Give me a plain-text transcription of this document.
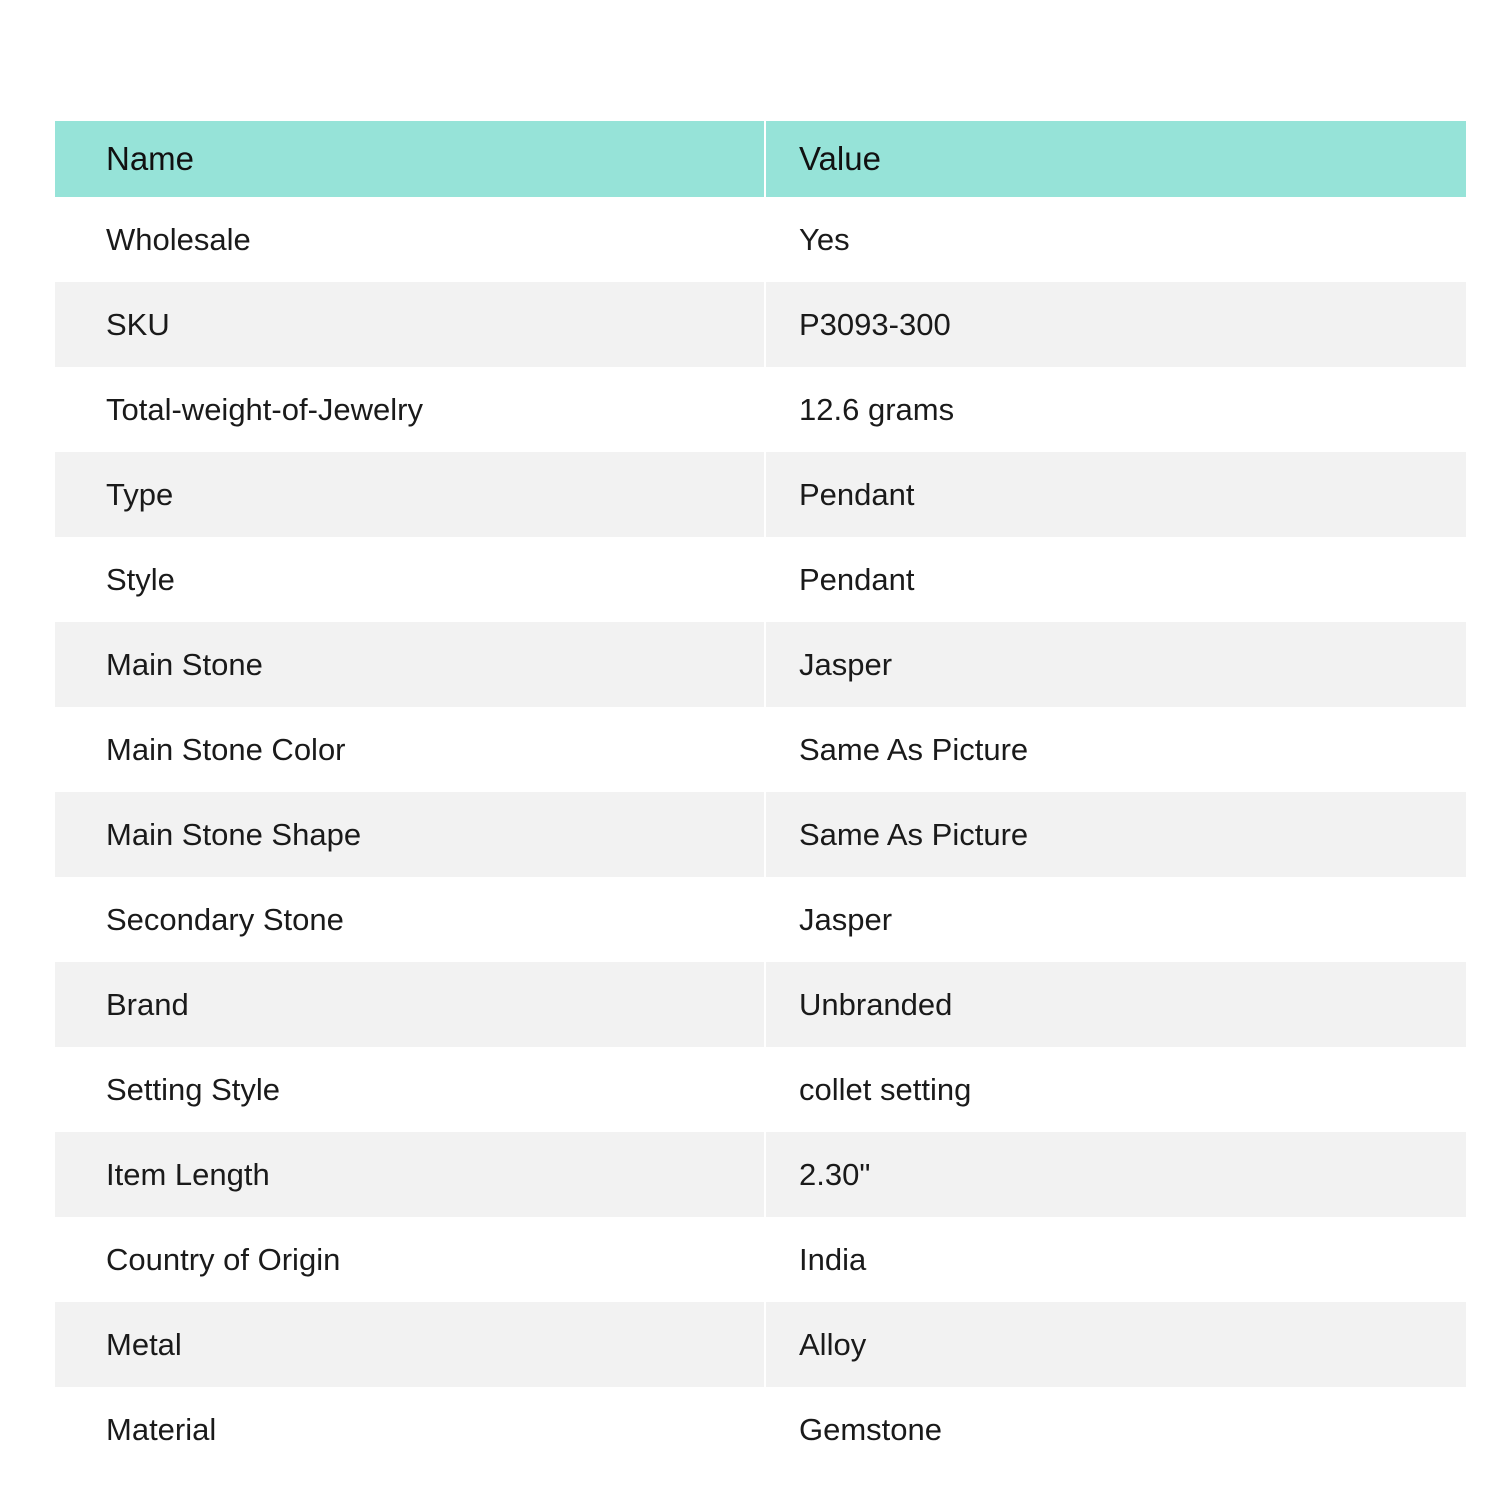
Name	Value
Wholesale	Yes
SKU	P3093-300
Total-weight-of-Jewelry	12.6 grams
Type	Pendant
Style	Pendant
Main Stone	Jasper
Main Stone Color	Same As Picture
Main Stone Shape	Same As Picture
Secondary Stone	Jasper
Brand	Unbranded
Setting Style	collet setting
Item Length	2.30"
Country of Origin	India
Metal	Alloy
Material	Gemstone
